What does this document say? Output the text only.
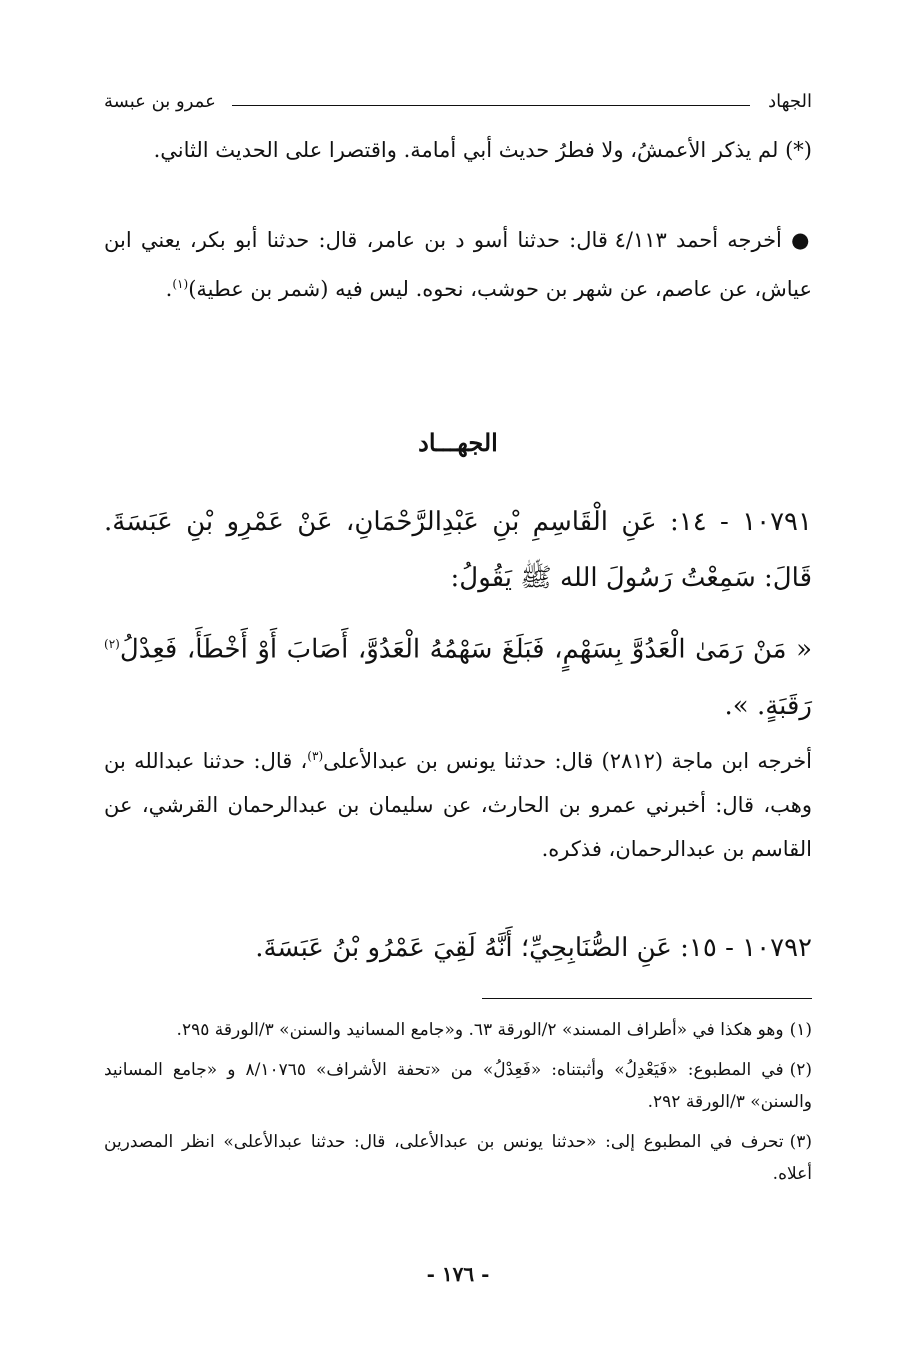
الجهاد
عمرو بن عبسة
(*) لم يذكر الأعمشُ، ولا فطرُ حديث أبي أمامة. واقتصرا على الحديث الثاني.
● أخرجه أحمد ٤/١١٣ قال: حدثنا أسو د بن عامر، قال: حدثنا أبو بكر، يعني ابن عياش، عن عاصم، عن شهر بن حوشب، نحوه. ليس فيه (شمر بن عطية)$^{(١)}$.
الجهـــاد
١٠٧٩١ - ١٤: عَنِ الْقَاسِمِ بْنِ عَبْدِالرَّحْمَانِ، عَنْ عَمْرِو بْنِ عَبَسَةَ. قَالَ: سَمِعْتُ رَسُولَ الله ﷺ يَقُولُ:
« مَنْ رَمَىٰ الْعَدُوَّ بِسَهْمٍ، فَبَلَغَ سَهْمُهُ الْعَدُوَّ، أَصَابَ أَوْ أَخْطَأَ، فَعِدْلُ$^{(٢)}$ رَقَبَةٍ. ».
أخرجه ابن ماجة (٢٨١٢) قال: حدثنا يونس بن عبدالأعلى$^{(٣)}$، قال: حدثنا عبدالله بن وهب، قال: أخبرني عمرو بن الحارث، عن سليمان بن عبدالرحمان القرشي، عن القاسم بن عبدالرحمان، فذكره.
١٠٧٩٢ - ١٥: عَنِ الصُّنَابِحِيِّ؛ أَنَّهُ لَقِيَ عَمْرُو بْنُ عَبَسَةَ.

(١)وهو هكذا في «أطراف المسند» ٢/الورقة ٦٣. و«جامع المسانيد والسنن» ٣/الورقة ٢٩٥.

(٢)في المطبوع: «فَيَعْدِلُ» وأثبتناه: «فَعِدْلُ» من «تحفة الأشراف» ٨/١٠٧٦٥ و «جامع المسانيد والسنن» ٣/الورقة ٢٩٢.

(٣)تحرف في المطبوع إلى: «حدثنا يونس بن عبدالأعلى، قال: حدثنا عبدالأعلى» انظر المصدرين أعلاه.

- ١٧٦ -
